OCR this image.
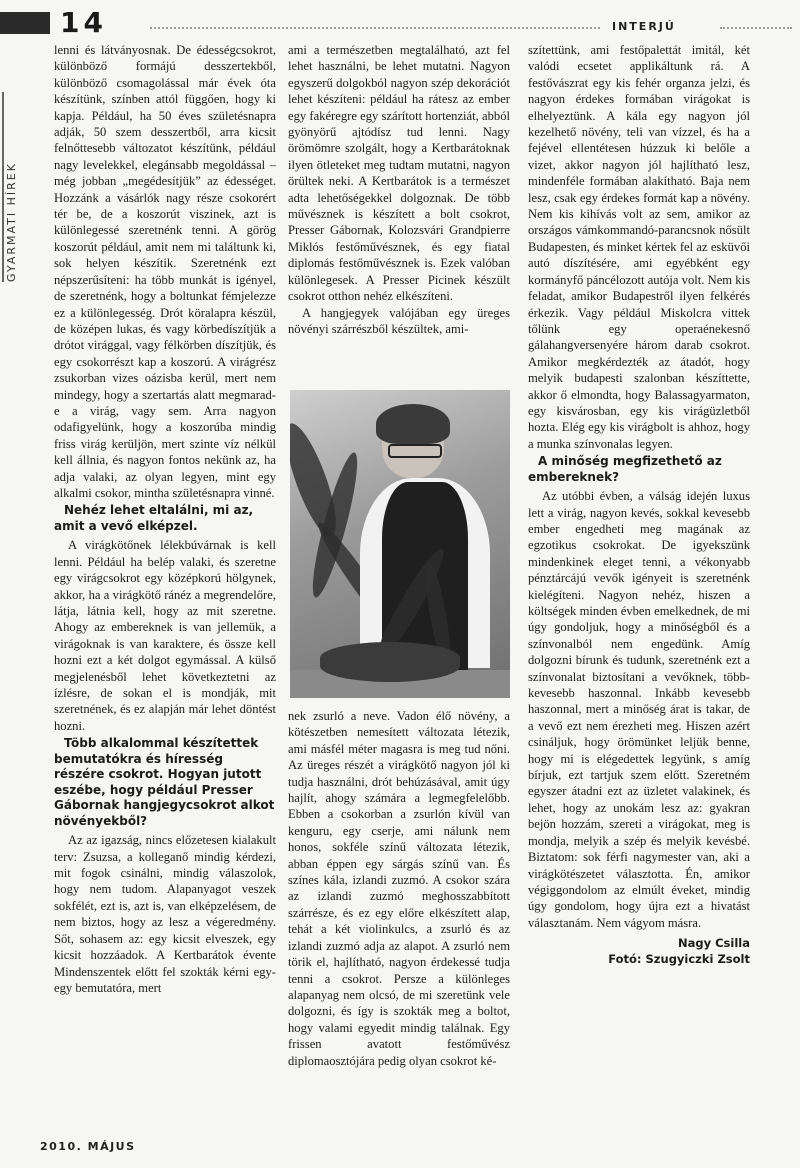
14	INTERJÚ
GYARMATI HÍREK

lenni és látványosnak. De édességcsokrot, különböző formájú desszertekből, különböző csomagolással már évek óta készítünk, színben attól függően, hogy ki kapja. Például, ha 50 éves születésnapra adják, 50 szem desszertből, arra kicsit felnőttesebb változatot készítünk, például nagy levelekkel, elegánsabb megoldással – még jobban „megédesítjük” az édességet. Hozzánk a vásárlók nagy része csokorért tér be, de a koszorút viszinek, azt is különlegessé szeretnénk tenni. A görög koszorút például, amit nem mi találtunk ki, sok helyen készítik. Szeretnénk ezt népszerűsíteni: ha több munkát is igényel, de szeretnénk, hogy a boltunkat fémjelezze ez a különlegesség. Drót köralapra készül, de középen lukas, és vagy körbedíszítjük a drótot virággal, vagy félkörben díszítjük, és egy csokorrészt kap a koszorú. A virágrész zsukorban vizes oázisba kerül, mert nem mindegy, hogy a szertartás alatt megmarad-e a virág, vagy sem. Arra nagyon odafigyelünk, hogy a koszorúba mindig friss virág kerüljön, mert szinte víz nélkül kell állnia, és nagyon fontos nekünk az, ha adja valaki, az olyan legyen, mint egy alkalmi csokor, mintha születésnapra vinné.

Nehéz lehet eltalálni, mi az, amit a vevő elképzel.

A virágkötőnek lélekbúvárnak is kell lenni. Például ha belép valaki, és szeretne egy virágcsokrot egy középkorú hölgynek, akkor, ha a virágkötő ránéz a megrendelőre, látja, látnia kell, hogy az mit szeretne. Ahogy az embereknek is van jellemük, a virágoknak is van karaktere, és össze kell hozni ezt a két dolgot egymással. A külső megjelenésből lehet következtetni az ízlésre, de sokan el is mondják, mit szeretnének, és ez alapján már lehet döntést hozni.

Több alkalommal készítettek bemutatókra és híresség részére csokrot. Hogyan jutott eszébe, hogy például Presser Gábornak hangjegycsokrot alkot növényekből?

Az az igazság, nincs előzetesen kialakult terv: Zsuzsa, a kolleganő mindig kérdezi, mit fogok csinálni, mindig válaszolok, hogy nem tudom. Alapanyagot veszek sokfélét, ezt is, azt is, van elképzelésem, de nem biztos, hogy az lesz a végeredmény. Sőt, sohasem az: egy kicsit elveszek, egy kicsit hozzáadok. A Kertbarátok évente Mindenszentek előtt fel szokták kérni egy-egy bemutatóra, mert

ami a természetben megtalálható, azt fel lehet használni, be lehet mutatni. Nagyon egyszerű dolgokból nagyon szép dekorációt lehet készíteni: például ha rátesz az ember egy fakéregre egy szárított hortenziát, abból gyönyörű ajtódísz tud lenni. Nagy örömömre szolgált, hogy a Kertbarátoknak ilyen ötleteket meg tudtam mutatni, nagyon örültek neki. A Kertbarátok is a természet adta lehetőségekkel dolgoznak. De több művésznek is készített a bolt csokrot, Presser Gábornak, Kolozsvári Grandpierre Miklós festőművésznek, és egy fiatal diplomás festőművésznek is. Ezek valóban különlegesek. A Presser Picinek készült csokrot otthon nehéz elkészíteni.

A hangjegyek valójában egy üreges növényi szárrészből készültek, ami-

nek zsurló a neve. Vadon élő növény, a kötészetben nemesített változata létezik, ami másfél méter magasra is meg tud nőni. Az üreges részét a virágkötő nagyon jól ki tudja használni, drót behúzásával, amit úgy hajlít, ahogy számára a legmegfelelőbb. Ebben a csokorban a zsurlón kívül van kenguru, egy cserje, ami nálunk nem honos, sokféle színű változata létezik, abban éppen egy sárgás színű van. És színes kála, izlandi zuzmó. A csokor szára az izlandi zuzmó meghosszabbított szárrésze, és ez egy előre elkészített alap, tehát a két violinkulcs, a zsurló és az izlandi zuzmó adja az alapot. A zsurló nem törik el, hajlítható, nagyon érdekessé tudja tenni a csokrot. Persze a különleges alapanyag nem olcsó, de mi szeretünk vele dolgozni, és így is szokták meg a boltot, hogy valami egyedit mindig találnak. Egy frissen avatott festőművész diplomaosztójára pedig olyan csokrot ké-

szítettünk, ami festőpalettát imitál, két valódi ecsetet applikáltunk rá. A festővászrat egy kis fehér organza jelzi, és nagyon érdekes formában virágokat is elhelyeztünk. A kála egy nagyon jól kezelhető növény, teli van vízzel, és ha a fejével ellentétesen húzzuk ki belőle a vizet, akkor nagyon jól hajlítható lesz, mindenféle formában alakítható. Baja nem lesz, csak egy érdekes formát kap a növény. Nem kis kihívás volt az sem, amikor az országos vámkommandó-parancsnok nősült Budapesten, és minket kértek fel az esküvői autó díszítésére, ami egyébként egy kormányfő páncélozott autója volt. Nem kis feladat, amikor Budapestről ilyen felkérés érkezik. Vagy például Miskolcra vittek tőlünk egy operaénekesnő gálahangversenyére három darab csokrot. Amikor megkérdezték az átadót, hogy melyik budapesti szalonban készíttette, akkor ő elmondta, hogy Balassagyarmaton, egy kisvárosban, egy kis virágüzletből hozta. Elég egy kis virágbolt is ahhoz, hogy a munka színvonalas legyen.

A minőség megfizethető az embereknek?

Az utóbbi évben, a válság idején luxus lett a virág, nagyon kevés, sokkal kevesebb ember engedheti meg magának az egzotikus csokrokat. De igyekszünk mindenkinek eleget tenni, a vékonyabb pénztárcájú vevők igényeit is szeretnénk kielégíteni. Nagyon nehéz, hiszen a költségek minden évben emelkednek, de mi úgy gondoljuk, hogy a minőségből és a színvonalból nem engedünk. Amíg dolgozni bírunk és tudunk, szeretnénk ezt a színvonalat biztosítani a vevőknek, több-kevesebb haszonnal. Inkább kevesebb haszonnal, mert a minőség árat is takar, de a vevő ezt nem érezheti meg. Hiszen azért csináljuk, hogy örömünket leljük benne, hogy mi is elégedettek legyünk, s amíg bírjuk, ezt tartjuk szem előtt. Szeretném egyszer átadni ezt az üzletet valakinek, és lehet, hogy az unokám lesz az: gyakran bejön hozzám, szereti a virágokat, meg is mondja, melyik a szép és melyik kevésbé. Biztatom: sok férfi nagymester van, aki a virágkötészetet választotta. Én, amikor végiggondolom az elmúlt éveket, mindig úgy gondolom, hogy újra ezt a hivatást választanám. Nem vágyom másra.

Nagy Csilla
Fotó: Szugyiczki Zsolt
2010. MÁJUS
